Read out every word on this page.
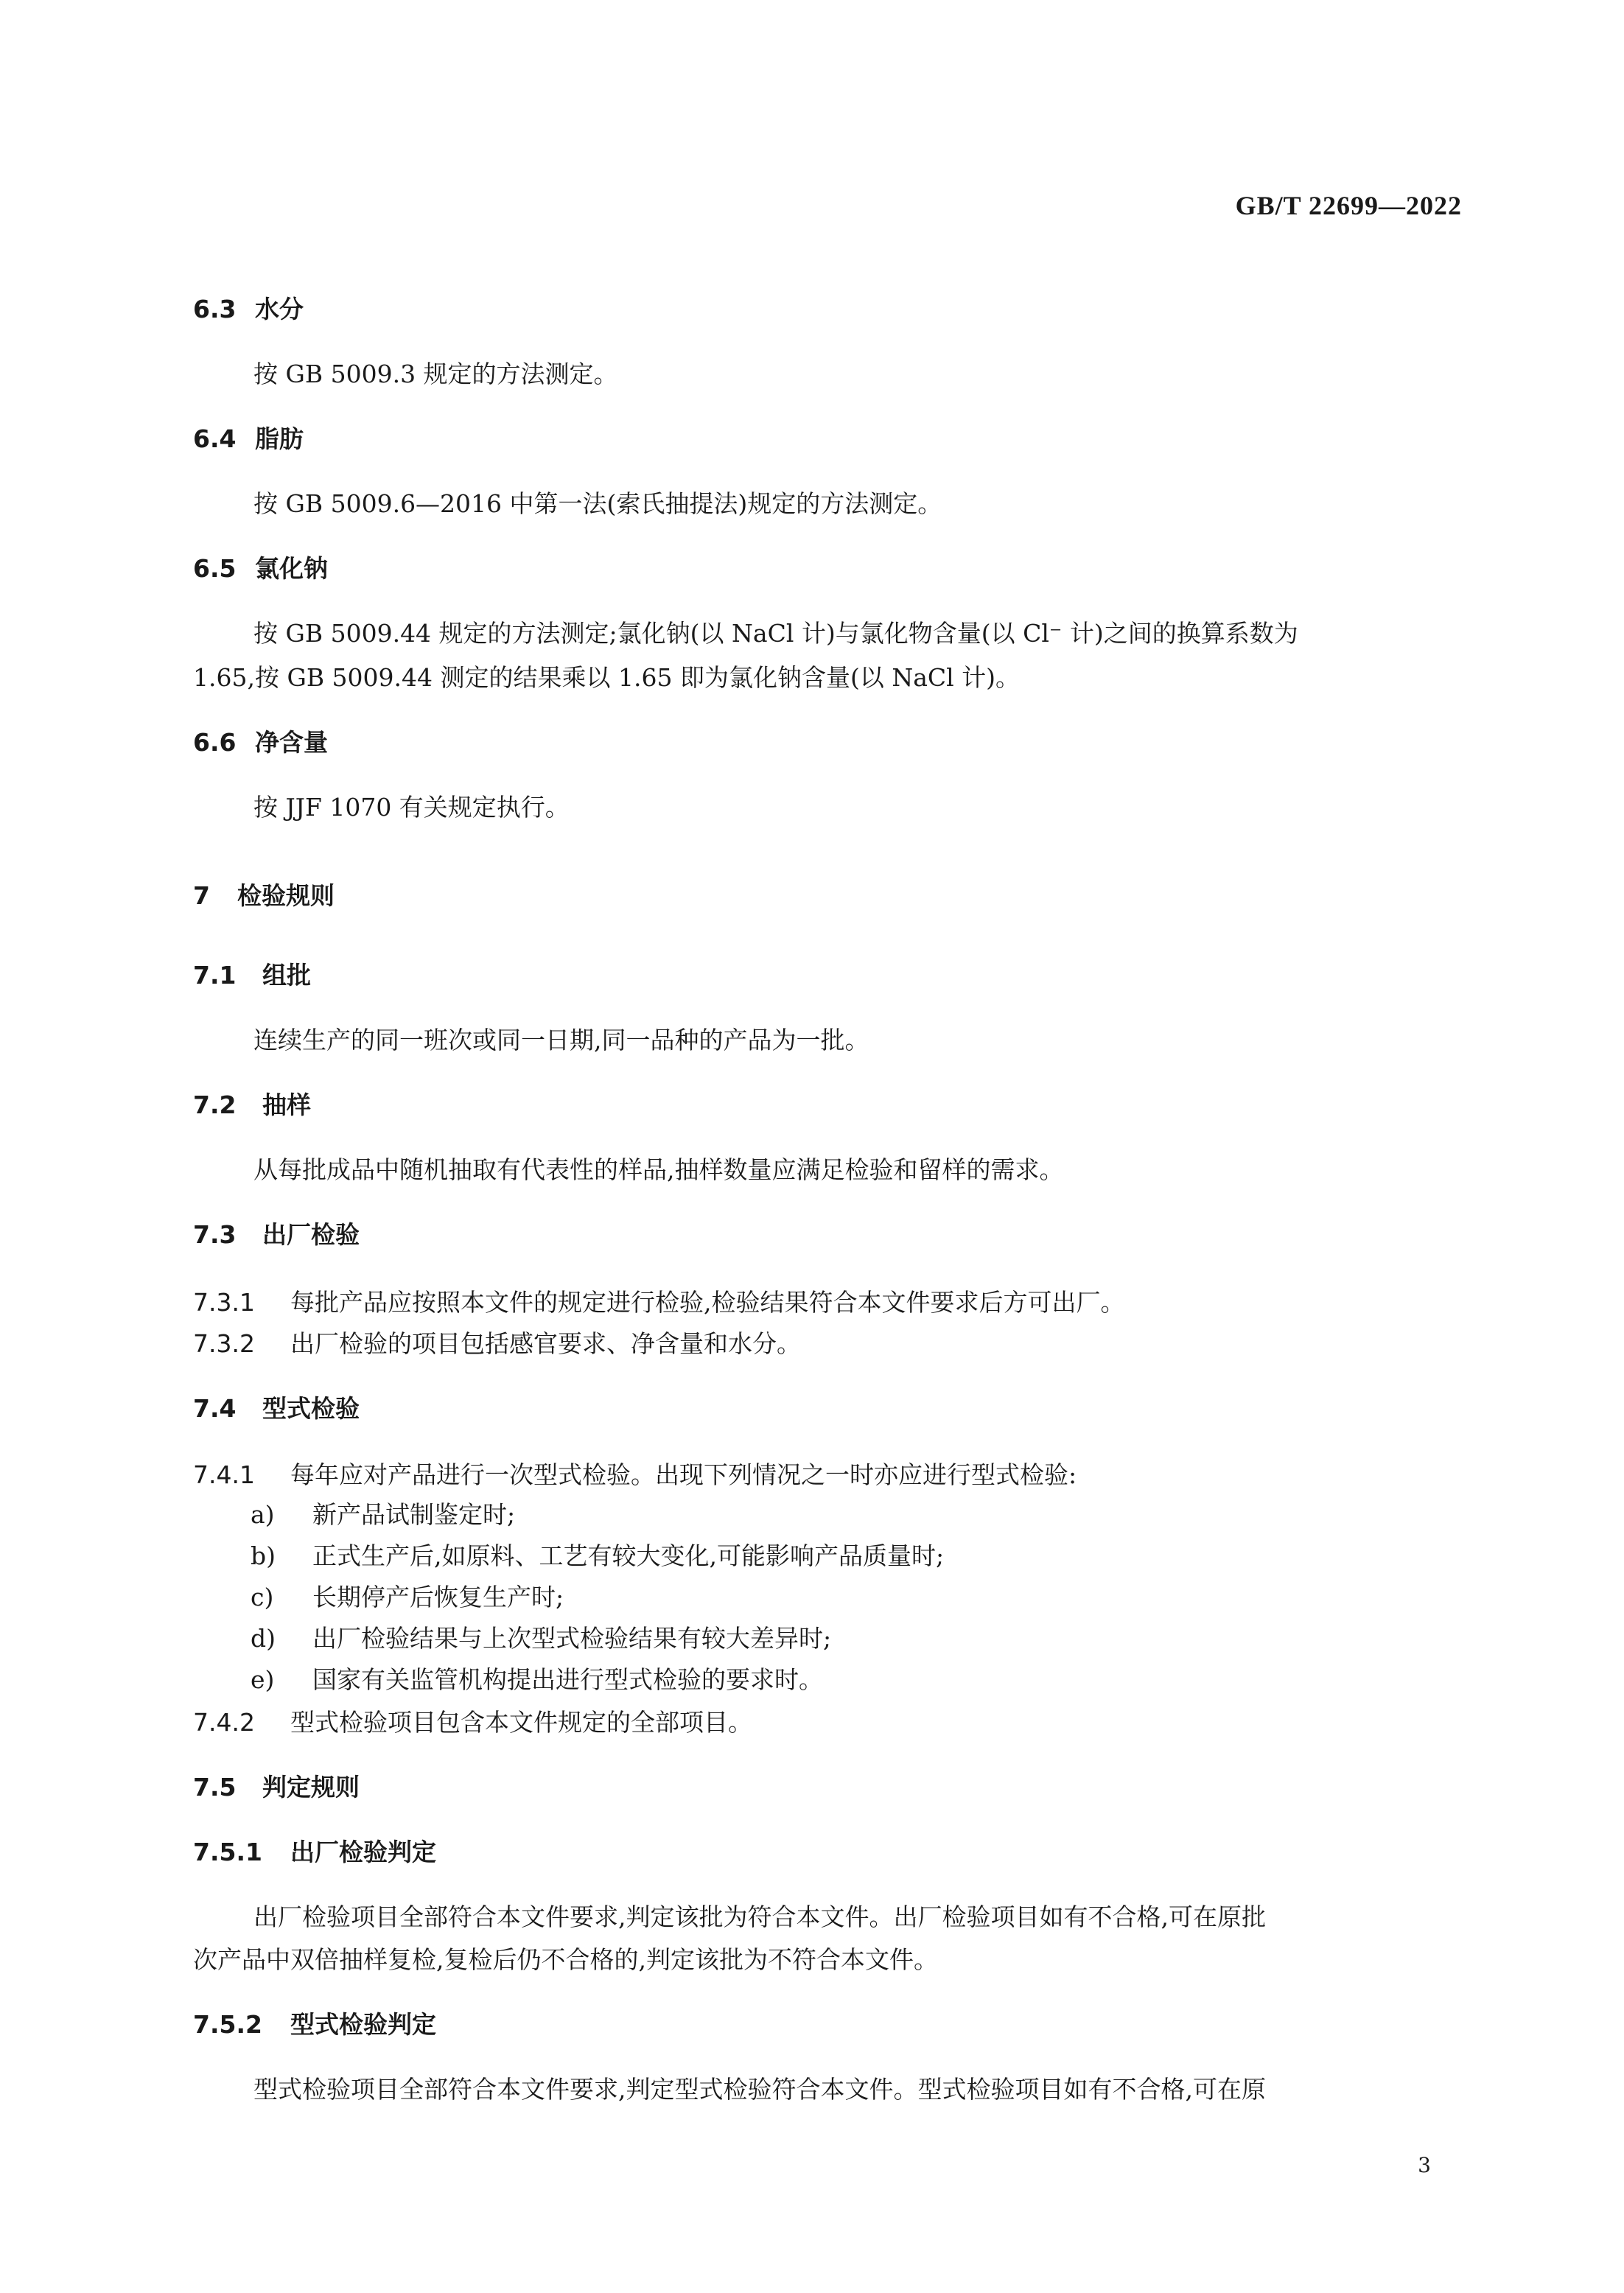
GB/T 22699—2022
6.3 水分
按 GB 5009.3 规定的方法测定。
6.4 脂肪
按 GB 5009.6—2016 中第一法(索氏抽提法)规定的方法测定。
6.5 氯化钠
按 GB 5009.44 规定的方法测定;氯化钠(以 NaCl 计)与氯化物含量(以 Cl⁻ 计)之间的换算系数为
1.65,按 GB 5009.44 测定的结果乘以 1.65 即为氯化钠含量(以 NaCl 计)。
6.6 净含量
按 JJF 1070 有关规定执行。
7 检验规则
7.1 组批
连续生产的同一班次或同一日期,同一品种的产品为一批。
7.2 抽样
从每批成品中随机抽取有代表性的样品,抽样数量应满足检验和留样的需求。
7.3 出厂检验
7.3.1 每批产品应按照本文件的规定进行检验,检验结果符合本文件要求后方可出厂。
7.3.2 出厂检验的项目包括感官要求、净含量和水分。
7.4 型式检验
7.4.1 每年应对产品进行一次型式检验。出现下列情况之一时亦应进行型式检验:
a) 新产品试制鉴定时;
b) 正式生产后,如原料、工艺有较大变化,可能影响产品质量时;
c) 长期停产后恢复生产时;
d) 出厂检验结果与上次型式检验结果有较大差异时;
e) 国家有关监管机构提出进行型式检验的要求时。
7.4.2 型式检验项目包含本文件规定的全部项目。
7.5 判定规则
7.5.1 出厂检验判定
出厂检验项目全部符合本文件要求,判定该批为符合本文件。出厂检验项目如有不合格,可在原批
次产品中双倍抽样复检,复检后仍不合格的,判定该批为不符合本文件。
7.5.2 型式检验判定
型式检验项目全部符合本文件要求,判定型式检验符合本文件。型式检验项目如有不合格,可在原
3
